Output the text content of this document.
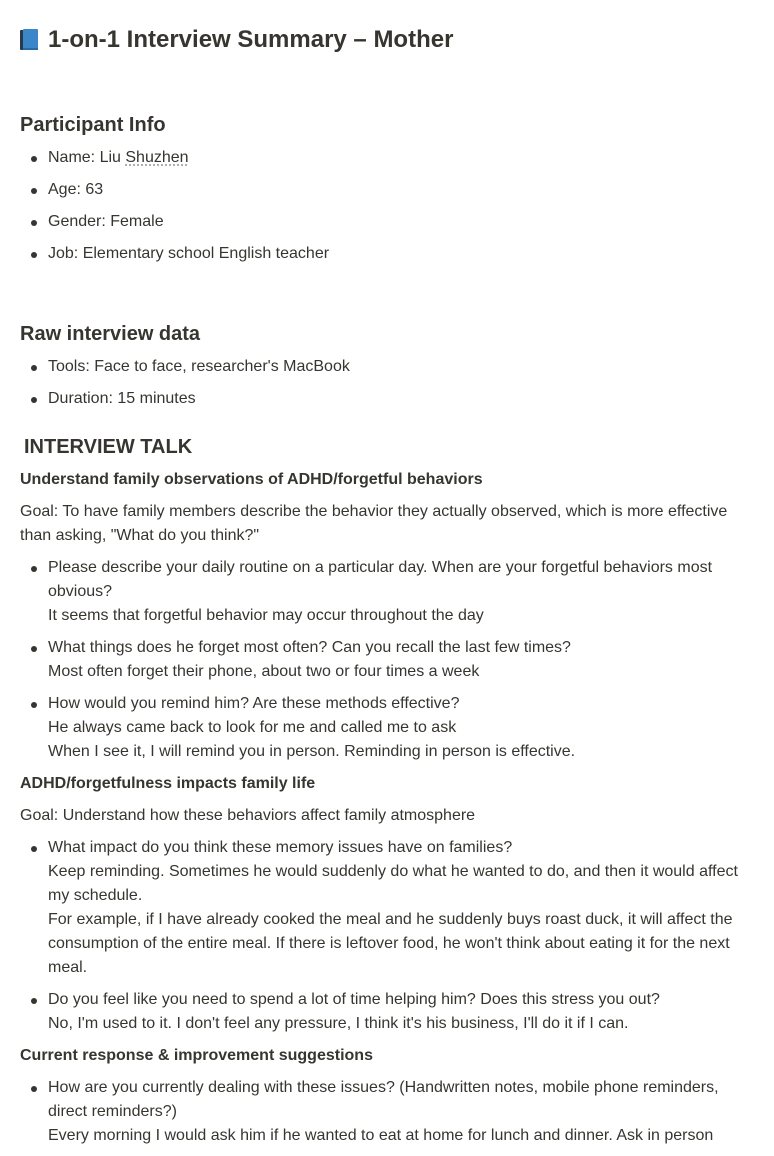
1-on-1 Interview Summary – Mother
Participant Info
Name: Liu Shuzhen
Age: 63
Gender: Female
Job: Elementary school English teacher
Raw interview data
Tools: Face to face, researcher's MacBook
Duration: 15 minutes
INTERVIEW TALK
Understand family observations of ADHD/forgetful behaviors
Goal: To have family members describe the behavior they actually observed, which is more effective than asking, "What do you think?"
Please describe your daily routine on a particular day. When are your forgetful behaviors most obvious?
It seems that forgetful behavior may occur throughout the day
What things does he forget most often? Can you recall the last few times?
Most often forget their phone, about two or four times a week
How would you remind him? Are these methods effective?
He always came back to look for me and called me to ask
When I see it, I will remind you in person. Reminding in person is effective.
ADHD/forgetfulness impacts family life
Goal: Understand how these behaviors affect family atmosphere
What impact do you think these memory issues have on families?
Keep reminding. Sometimes he would suddenly do what he wanted to do, and then it would affect my schedule.
For example, if I have already cooked the meal and he suddenly buys roast duck, it will affect the consumption of the entire meal. If there is leftover food, he won't think about eating it for the next meal.
Do you feel like you need to spend a lot of time helping him? Does this stress you out?
No, I'm used to it. I don't feel any pressure, I think it's his business, I'll do it if I can.
Current response & improvement suggestions
How are you currently dealing with these issues? (Handwritten notes, mobile phone reminders, direct reminders?)
Every morning I would ask him if he wanted to eat at home for lunch and dinner. Ask in person
